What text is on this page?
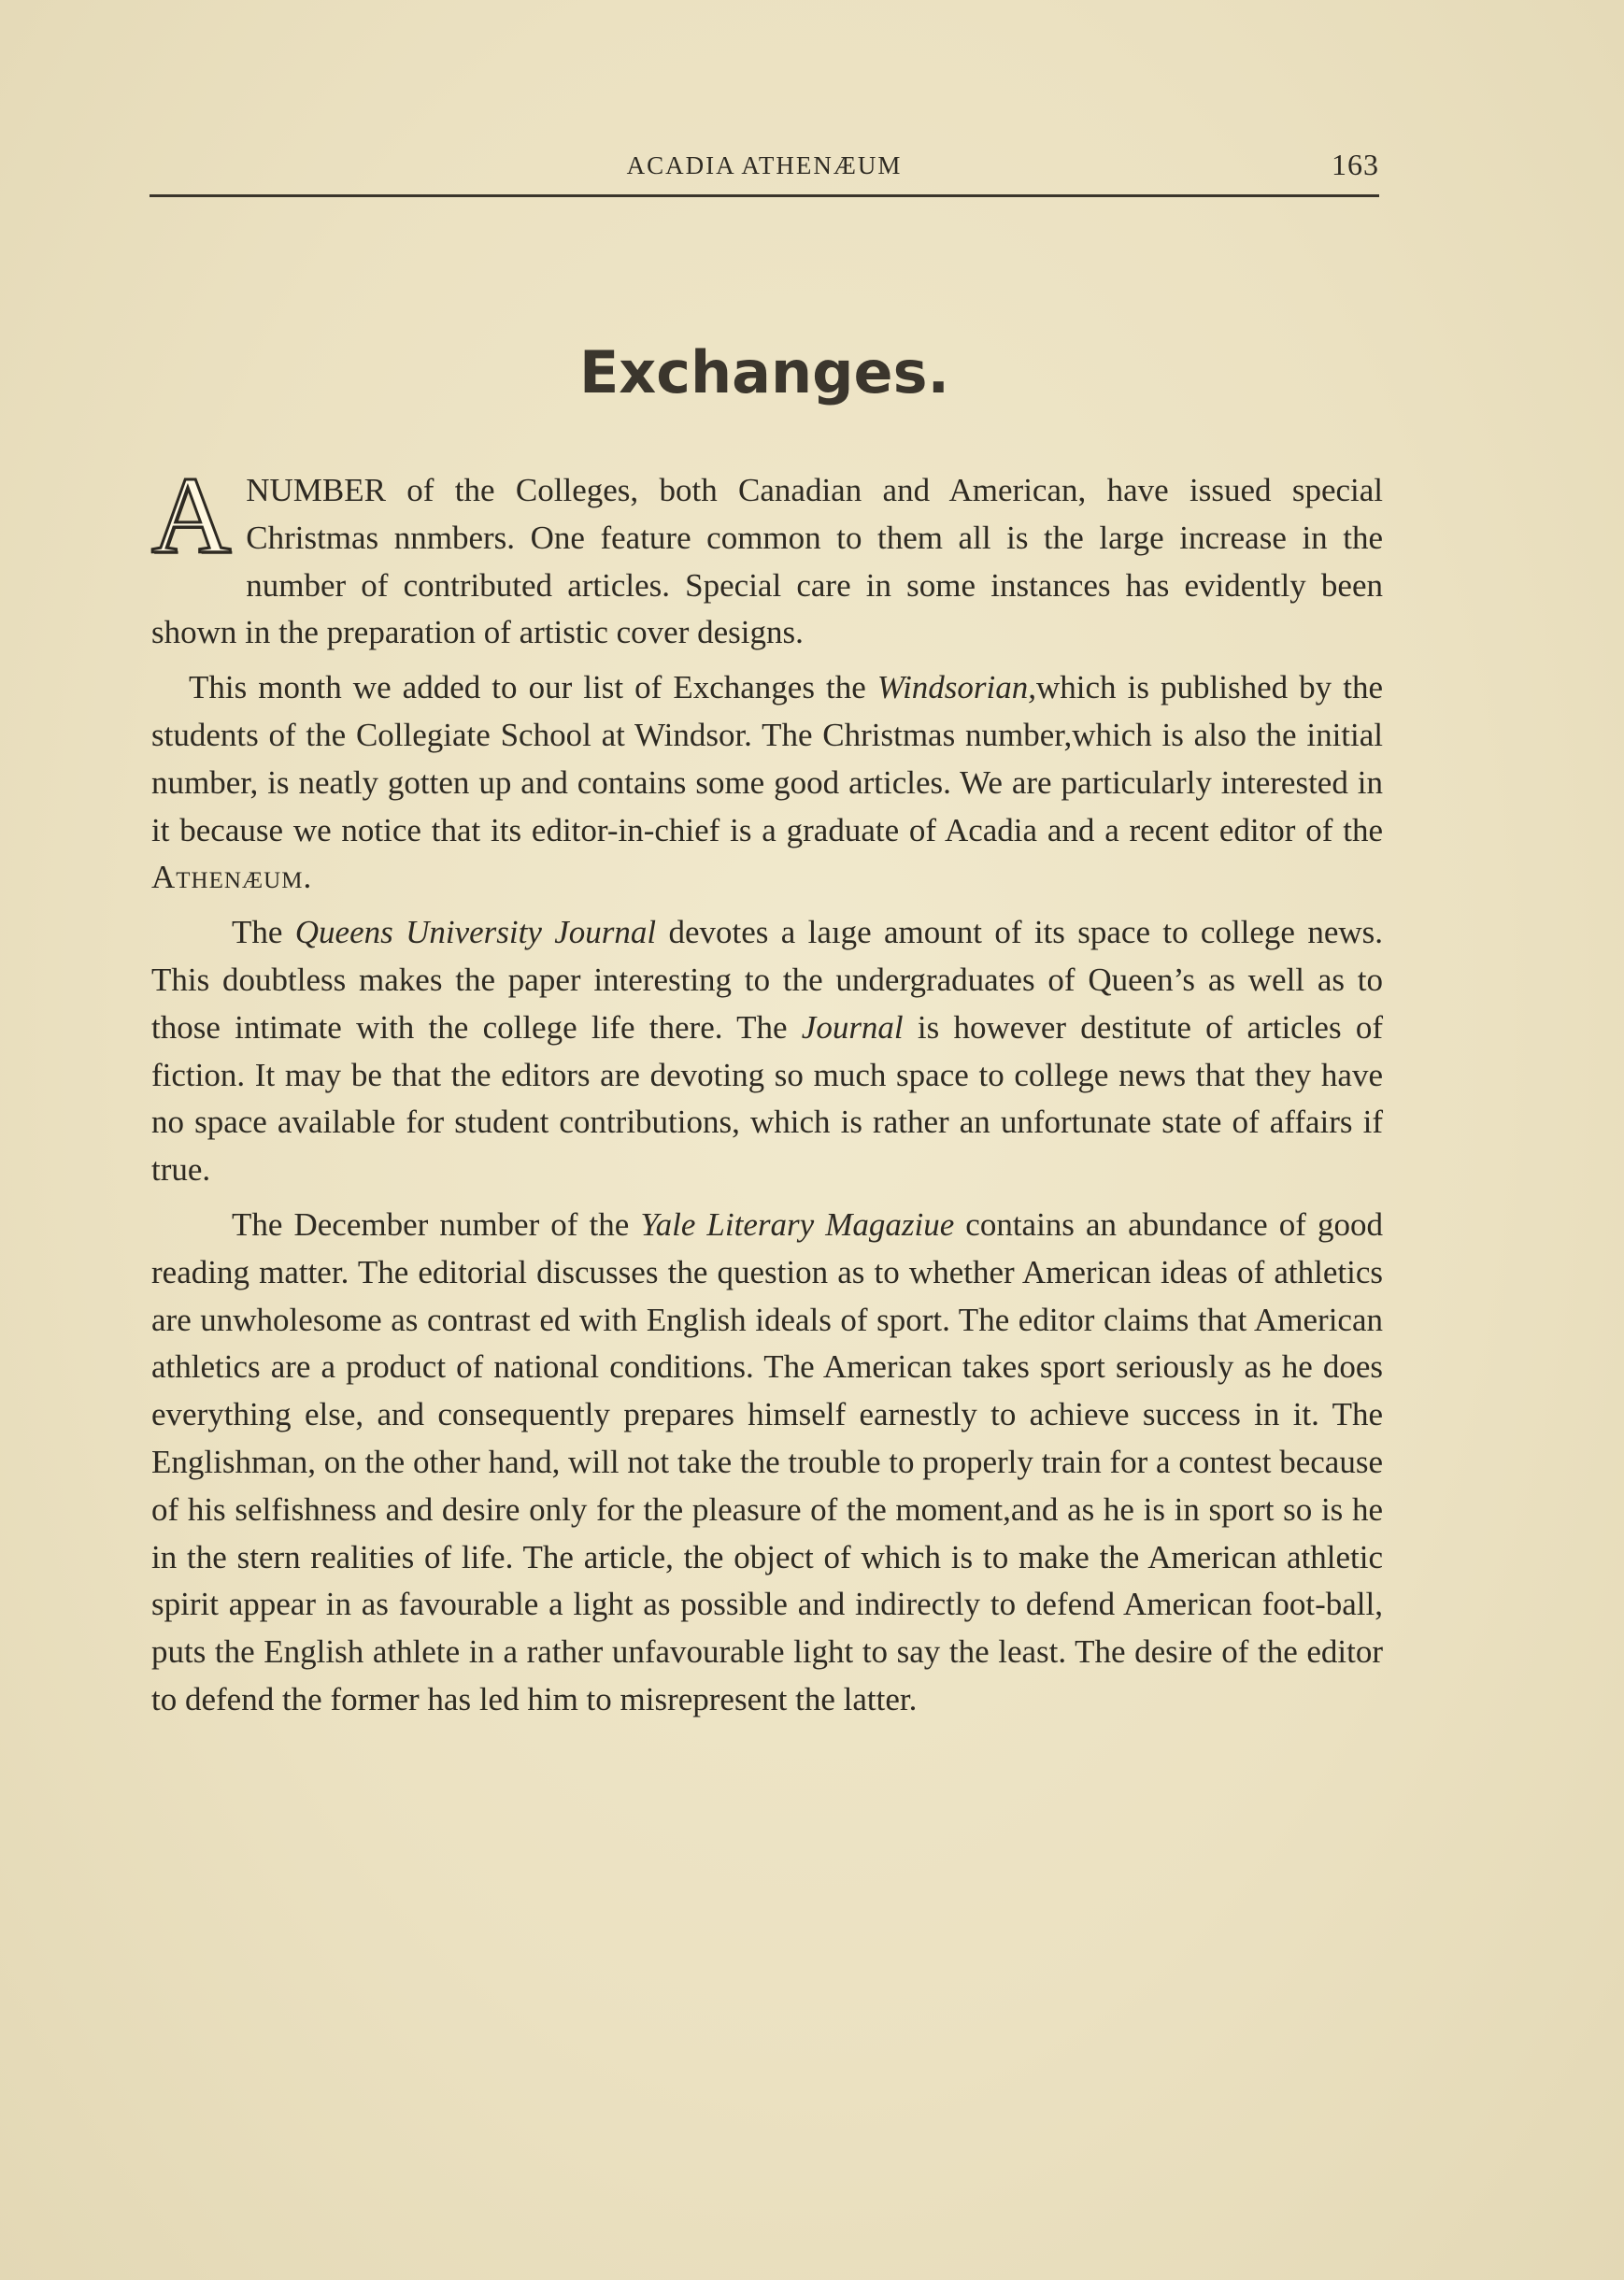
ACADIA ATHENÆUM	163
Exchanges.

ANUMBER of the Colleges, both Canadian and American, have issued special Christmas nnmbers. One feature common to them all is the large increase in the number of contributed articles. Special care in some instances has evidently been shown in the preparation of artistic cover designs.

This month we added to our list of Exchanges the Windsorian,which is published by the students of the Collegiate School at Windsor. The Christmas number,which is also the initial number, is neatly gotten up and contains some good articles. We are particularly interested in it because we notice that its editor-in-chief is a graduate of Acadia and a recent editor of the Athenæum.

The Queens University Journal devotes a laıge amount of its space to college news. This doubtless makes the paper interesting to the undergraduates of Queen’s as well as to those intimate with the college life there. The Journal is however destitute of articles of fiction. It may be that the editors are devoting so much space to college news that they have no space available for student contributions, which is rather an unfortunate state of affairs if true.

The December number of the Yale Literary Magaziue contains an abundance of good reading matter. The editorial discusses the question as to whether American ideas of athletics are unwholesome as contrast ed with English ideals of sport. The editor claims that American athletics are a product of national conditions. The American takes sport seriously as he does everything else, and consequently prepares himself earnestly to achieve success in it. The Englishman, on the other hand, will not take the trouble to properly train for a contest because of his selfishness and desire only for the pleasure of the moment,and as he is in sport so is he in the stern realities of life. The article, the object of which is to make the American athletic spirit appear in as favourable a light as possible and indirectly to defend American foot-ball, puts the English athlete in a rather unfavourable light to say the least. The desire of the editor to defend the former has led him to misrepresent the latter.
